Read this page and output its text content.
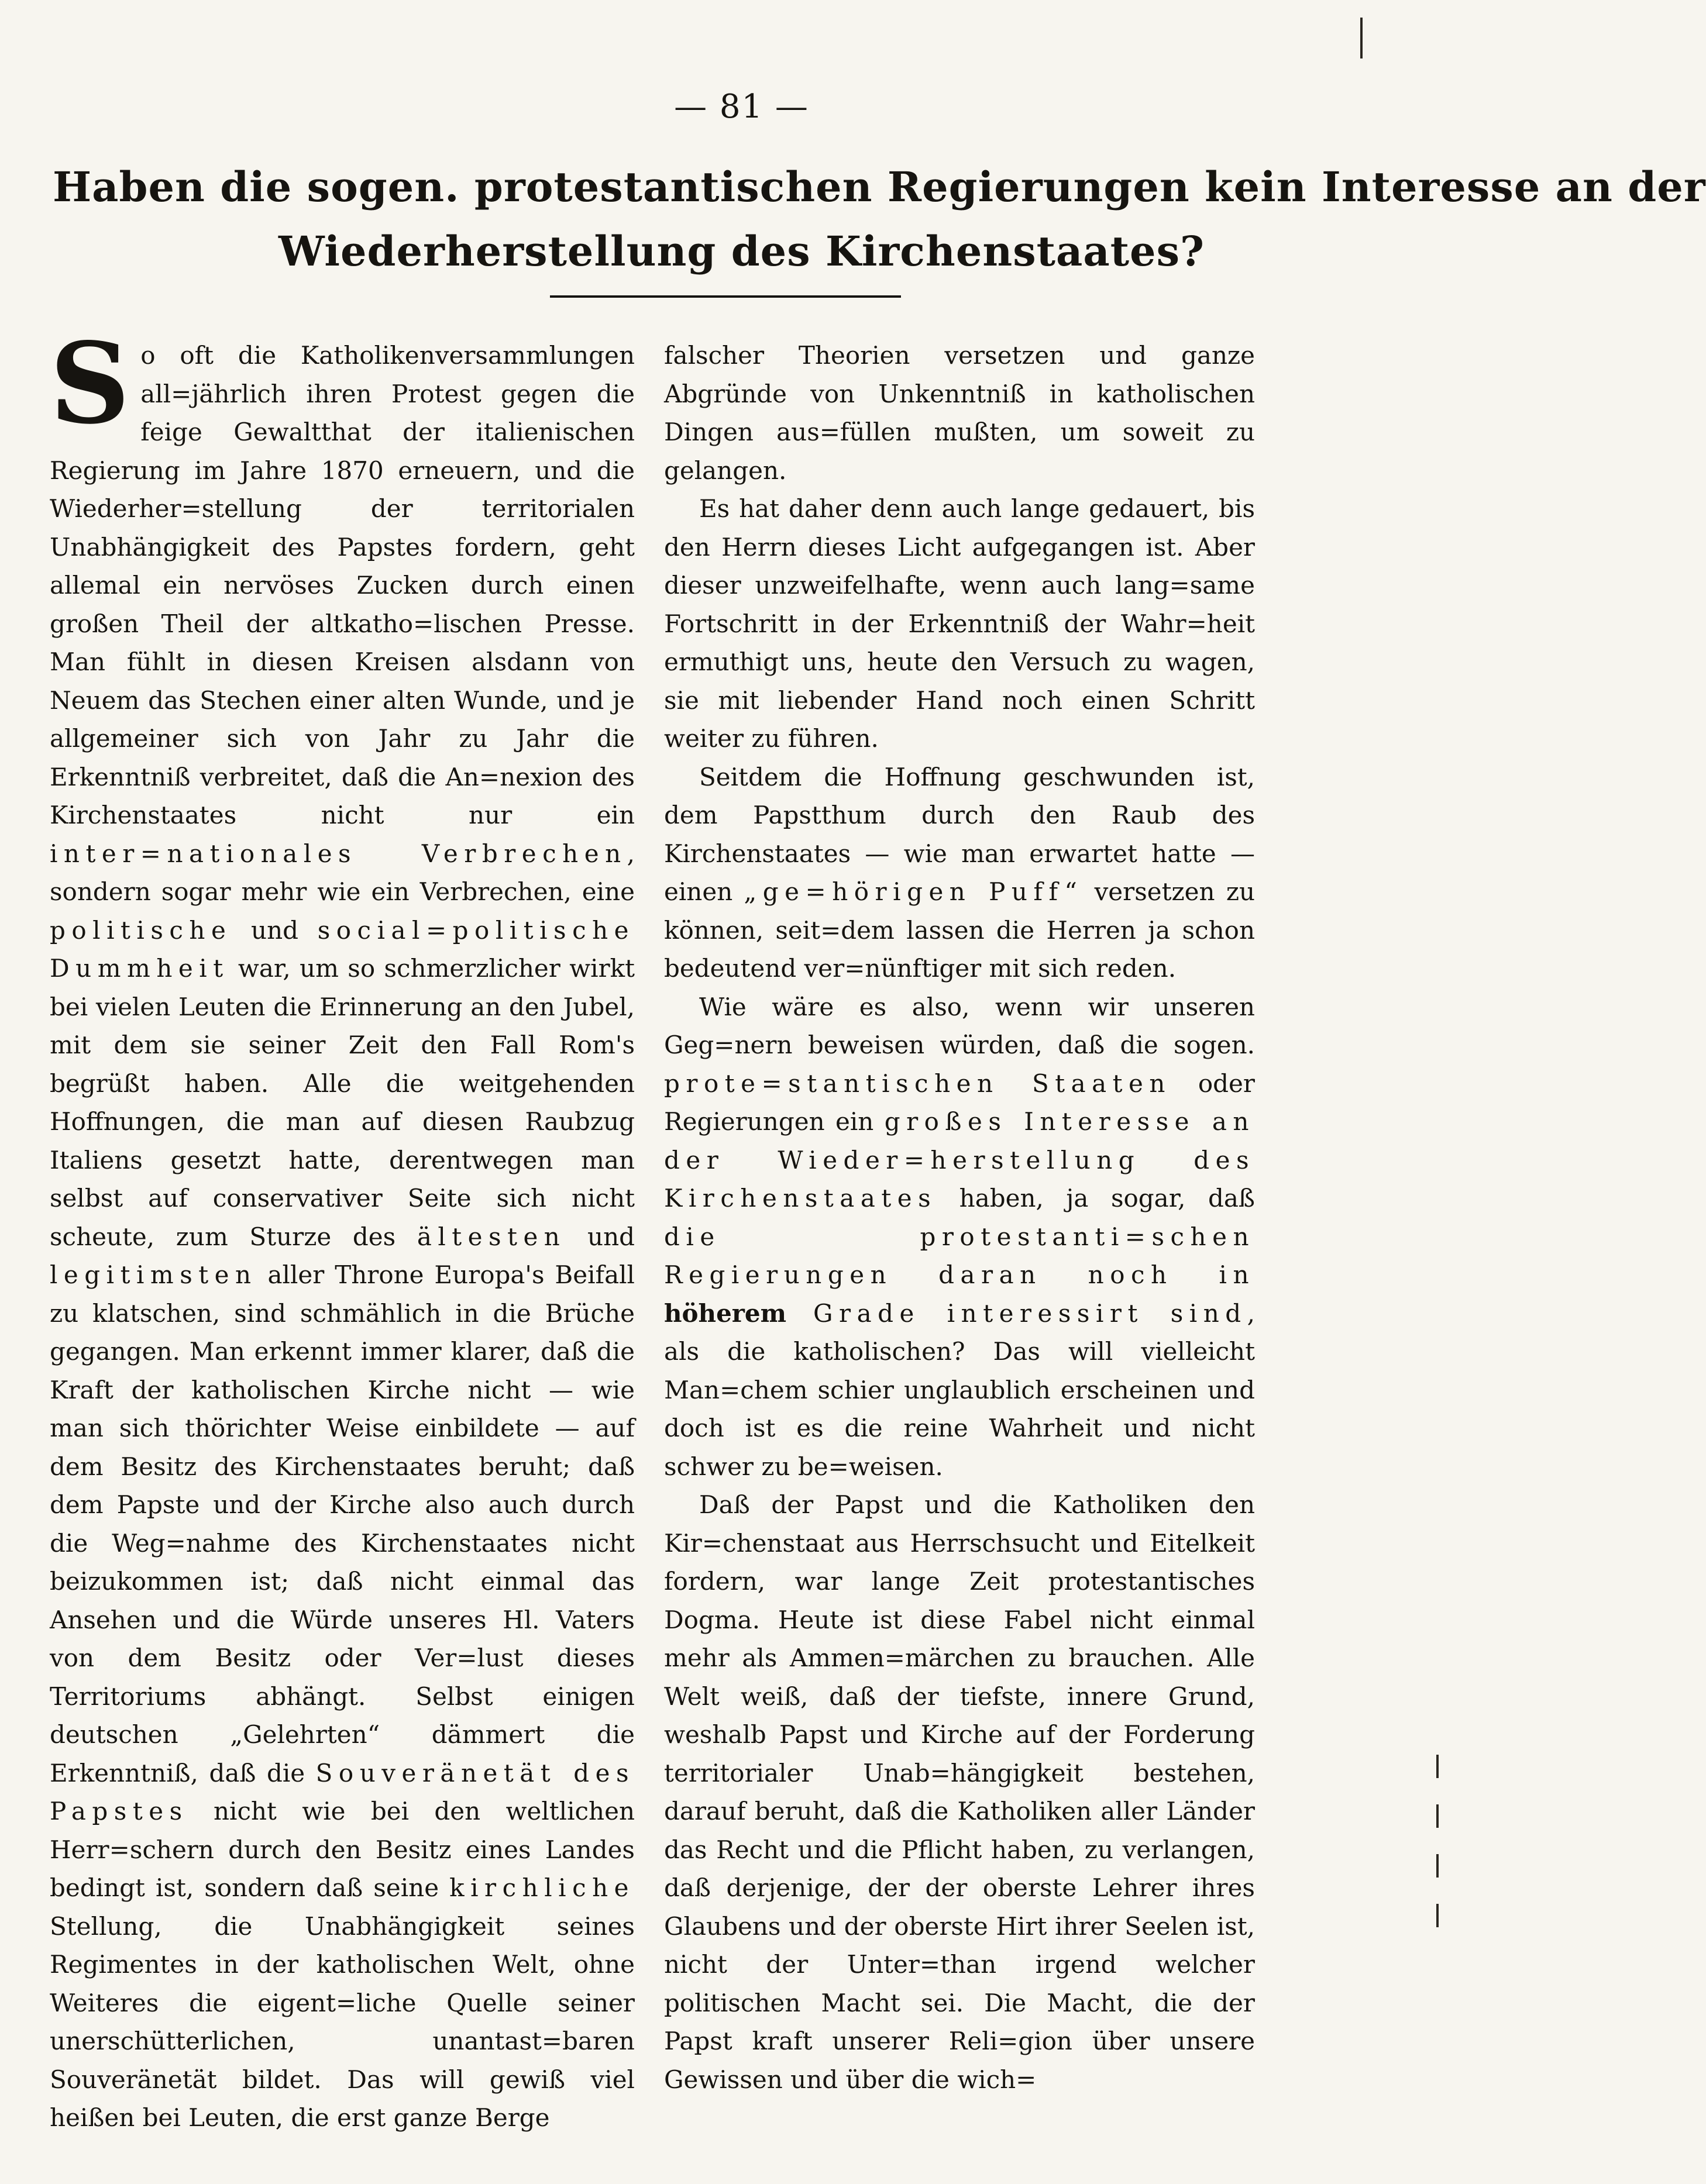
— 81 —
Haben die sogen. protestantischen Regierungen kein Interesse an der
Wiederherstellung des Kirchenstaates?

So oft die Katholikenversammlungen all=jährlich ihren Protest gegen die feige Gewaltthat der italienischen Regierung im Jahre 1870 erneuern, und die Wiederher=stellung der territorialen Unabhängigkeit des Papstes fordern, geht allemal ein nervöses Zucken durch einen großen Theil der altkatho=lischen Presse. Man fühlt in diesen Kreisen alsdann von Neuem das Stechen einer alten Wunde, und je allgemeiner sich von Jahr zu Jahr die Erkenntniß verbreitet, daß die An=nexion des Kirchenstaates nicht nur ein inter=nationales Verbrechen, sondern sogar mehr wie ein Verbrechen, eine politische und social=politische Dummheit war, um so schmerzlicher wirkt bei vielen Leuten die Erinnerung an den Jubel, mit dem sie seiner Zeit den Fall Rom's begrüßt haben. Alle die weitgehenden Hoffnungen, die man auf diesen Raubzug Italiens gesetzt hatte, derentwegen man selbst auf conservativer Seite sich nicht scheute, zum Sturze des ältesten und legitimsten aller Throne Europa's Beifall zu klatschen, sind schmählich in die Brüche gegangen. Man erkennt immer klarer, daß die Kraft der katholischen Kirche nicht — wie man sich thörichter Weise einbildete — auf dem Besitz des Kirchenstaates beruht; daß dem Papste und der Kirche also auch durch die Weg=nahme des Kirchenstaates nicht beizukommen ist; daß nicht einmal das Ansehen und die Würde unseres Hl. Vaters von dem Besitz oder Ver=lust dieses Territoriums abhängt. Selbst einigen deutschen „Gelehrten“ dämmert die Erkenntniß, daß die Souveränetät des Papstes nicht wie bei den weltlichen Herr=schern durch den Besitz eines Landes bedingt ist, sondern daß seine kirchliche Stellung, die Unabhängigkeit seines Regimentes in der katholischen Welt, ohne Weiteres die eigent=liche Quelle seiner unerschütterlichen, unantast=baren Souveränetät bildet. Das will gewiß viel heißen bei Leuten, die erst ganze Berge

falscher Theorien versetzen und ganze Abgründe von Unkenntniß in katholischen Dingen aus=füllen mußten, um soweit zu gelangen.

Es hat daher denn auch lange gedauert, bis den Herrn dieses Licht aufgegangen ist. Aber dieser unzweifelhafte, wenn auch lang=same Fortschritt in der Erkenntniß der Wahr=heit ermuthigt uns, heute den Versuch zu wagen, sie mit liebender Hand noch einen Schritt weiter zu führen.

Seitdem die Hoffnung geschwunden ist, dem Papstthum durch den Raub des Kirchenstaates — wie man erwartet hatte — einen „ge=hörigen Puff“ versetzen zu können, seit=dem lassen die Herren ja schon bedeutend ver=nünftiger mit sich reden.

Wie wäre es also, wenn wir unseren Geg=nern beweisen würden, daß die sogen. prote=stantischen Staaten oder Regierungen ein großes Interesse an der Wieder=herstellung des Kirchenstaates haben, ja sogar, daß die protestanti=schen Regierungen daran noch in höherem Grade interessirt sind, als die katholischen? Das will vielleicht Man=chem schier unglaublich erscheinen und doch ist es die reine Wahrheit und nicht schwer zu be=weisen.

Daß der Papst und die Katholiken den Kir=chenstaat aus Herrschsucht und Eitelkeit fordern, war lange Zeit protestantisches Dogma. Heute ist diese Fabel nicht einmal mehr als Ammen=märchen zu brauchen. Alle Welt weiß, daß der tiefste, innere Grund, weshalb Papst und Kirche auf der Forderung territorialer Unab=hängigkeit bestehen, darauf beruht, daß die Katholiken aller Länder das Recht und die Pflicht haben, zu verlangen, daß derjenige, der der oberste Lehrer ihres Glaubens und der oberste Hirt ihrer Seelen ist, nicht der Unter=than irgend welcher politischen Macht sei. Die Macht, die der Papst kraft unserer Reli=gion über unsere Gewissen und über die wich=
